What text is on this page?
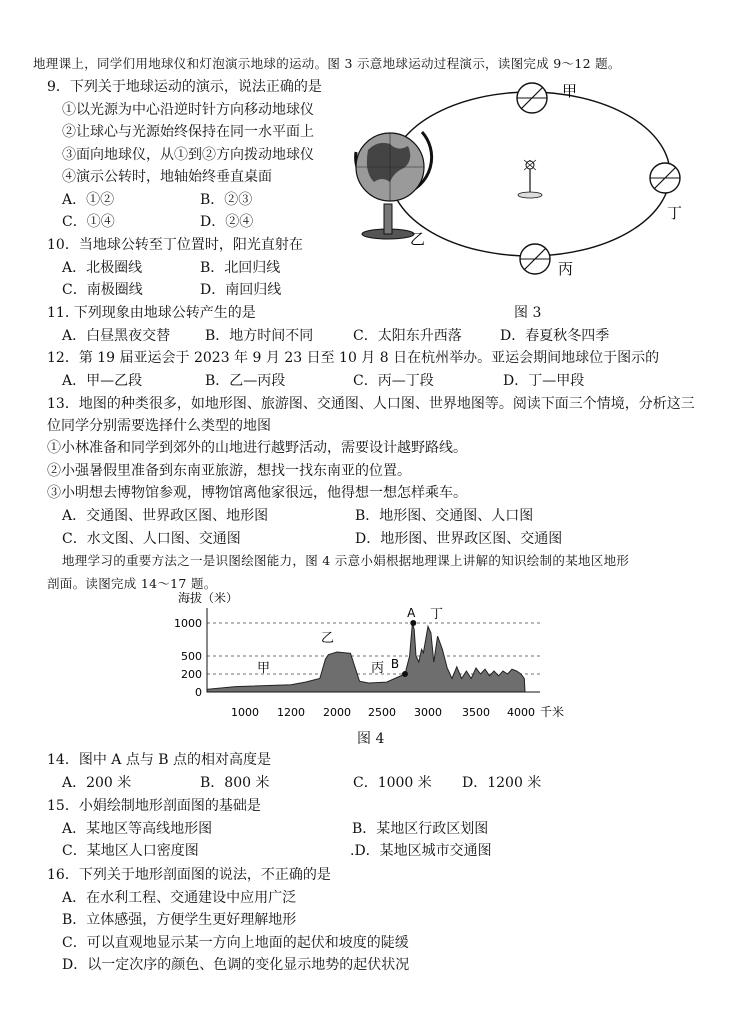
地理课上，同学们用地球仪和灯泡演示地球的运动。图 3 示意地球运动过程演示，读图完成 9～12 题。
9．下列关于地球运动的演示，说法正确的是
①以光源为中心沿逆时针方向移动地球仪
②让球心与光源始终保持在同一水平面上
③面向地球仪，从①到②方向拨动地球仪
④演示公转时，地轴始终垂直桌面
A．①②	B．②③
C．①④	D．②④
10．当地球公转至丁位置时，阳光直射在
A．北极圈线	B．北回归线
C．南极圈线	D．南回归线
甲
乙
丙
丁
图 3
11. 下列现象由地球公转产生的是
A．白昼黑夜交替 B．地方时间不同	C．太阳东升西落	D．春夏秋冬四季
12．第 19 届亚运会于 2023 年 9 月 23 日至 10 月 8 日在杭州举办。亚运会期间地球位于图示的
A．甲—乙段	B．乙—丙段	C．丙—丁段	D．丁—甲段
13．地图的种类很多，如地形图、旅游图、交通图、人口图、世界地图等。阅读下面三个情境，分析这三
位同学分别需要选择什么类型的地图
①小林准备和同学到郊外的山地进行越野活动，需要设计越野路线。
②小强暑假里准备到东南亚旅游，想找一找东南亚的位置。
③小明想去博物馆参观，博物馆离他家很远，他得想一想怎样乘车。
A．交通图、世界政区图、地形图	B．地形图、交通图、人口图
C．水文图、人口图、交通图	D．地形图、世界政区图、交通图
地理学习的重要方法之一是识图绘图能力，图 4 示意小娟根据地理课上讲解的知识绘制的某地区地形
剖面。读图完成 14～17 题。
1000
500
200
0
1000 1200 2000 2500 3000 3500 4000
A
B
海拔（米）
千米
甲
乙
丙
丁
图 4
14．图中 A 点与 B 点的相对高度是
A．200 米	B．800 米	C．1000 米 D．1200 米
15．小娟绘制地形剖面图的基础是
A．某地区等高线地形图	B．某地区行政区划图
C．某地区人口密度图	.D．某地区城市交通图
16．下列关于地形剖面图的说法，不正确的是
A．在水利工程、交通建设中应用广泛
B．立体感强，方便学生更好理解地形
C．可以直观地显示某一方向上地面的起伏和坡度的陡缓
D．以一定次序的颜色、色调的变化显示地势的起伏状况
